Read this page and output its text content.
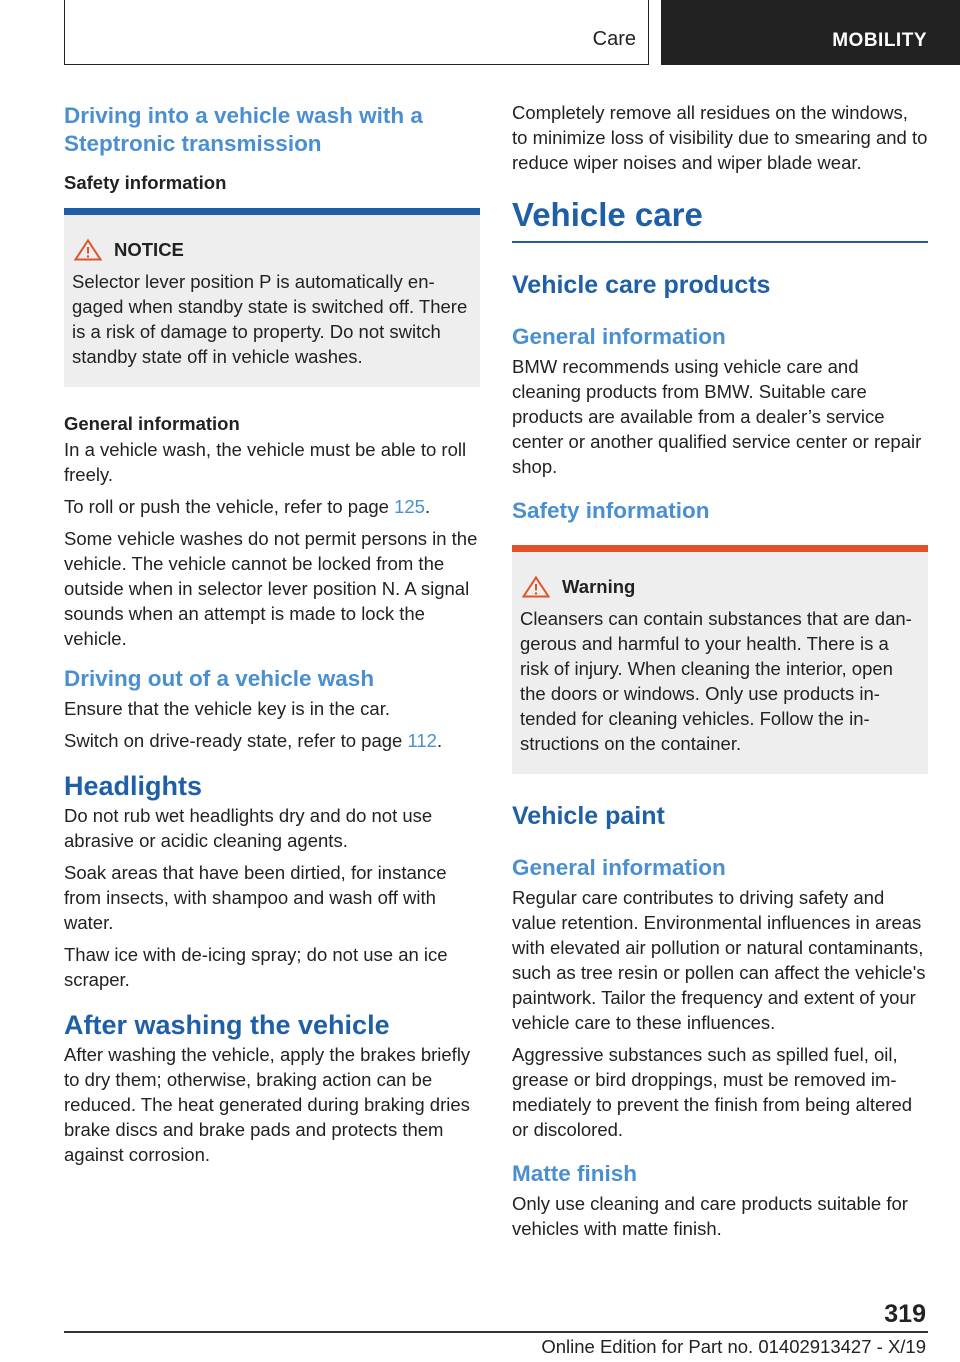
Care	MOBILITY
Driving into a vehicle wash with a Steptronic transmission
Safety information
NOTICE

Selector lever position P is automatically engaged when standby state is switched off. There is a risk of damage to property. Do not switch standby state off in vehicle washes.

General information

In a vehicle wash, the vehicle must be able to roll freely.

To roll or push the vehicle, refer to page 125.

Some vehicle washes do not permit persons in the vehicle. The vehicle cannot be locked from the outside when in selector lever position N. A signal sounds when an attempt is made to lock the vehicle.

Driving out of a vehicle wash

Ensure that the vehicle key is in the car.

Switch on drive-ready state, refer to page 112.

Headlights

Do not rub wet headlights dry and do not use abrasive or acidic cleaning agents.

Soak areas that have been dirtied, for instance from insects, with shampoo and wash off with water.

Thaw ice with de-icing spray; do not use an ice scraper.

After washing the vehicle

After washing the vehicle, apply the brakes briefly to dry them; otherwise, braking action can be reduced. The heat generated during braking dries brake discs and brake pads and protects them against corrosion.

Completely remove all residues on the windows, to minimize loss of visibility due to smearing and to reduce wiper noises and wiper blade wear.

Vehicle care
Vehicle care products
General information

BMW recommends using vehicle care and cleaning products from BMW. Suitable care products are available from a dealer’s service center or another qualified service center or repair shop.

Safety information
Warning

Cleansers can contain substances that are dangerous and harmful to your health. There is a risk of injury. When cleaning the interior, open the doors or windows. Only use products intended for cleaning vehicles. Follow the instructions on the container.

Vehicle paint
General information

Regular care contributes to driving safety and value retention. Environmental influences in areas with elevated air pollution or natural contaminants, such as tree resin or pollen can affect the vehicle's paintwork. Tailor the frequency and extent of your vehicle care to these influences.

Aggressive substances such as spilled fuel, oil, grease or bird droppings, must be removed immediately to prevent the finish from being altered or discolored.

Matte finish

Only use cleaning and care products suitable for vehicles with matte finish.

319
Online Edition for Part no. 01402913427 - X/19
